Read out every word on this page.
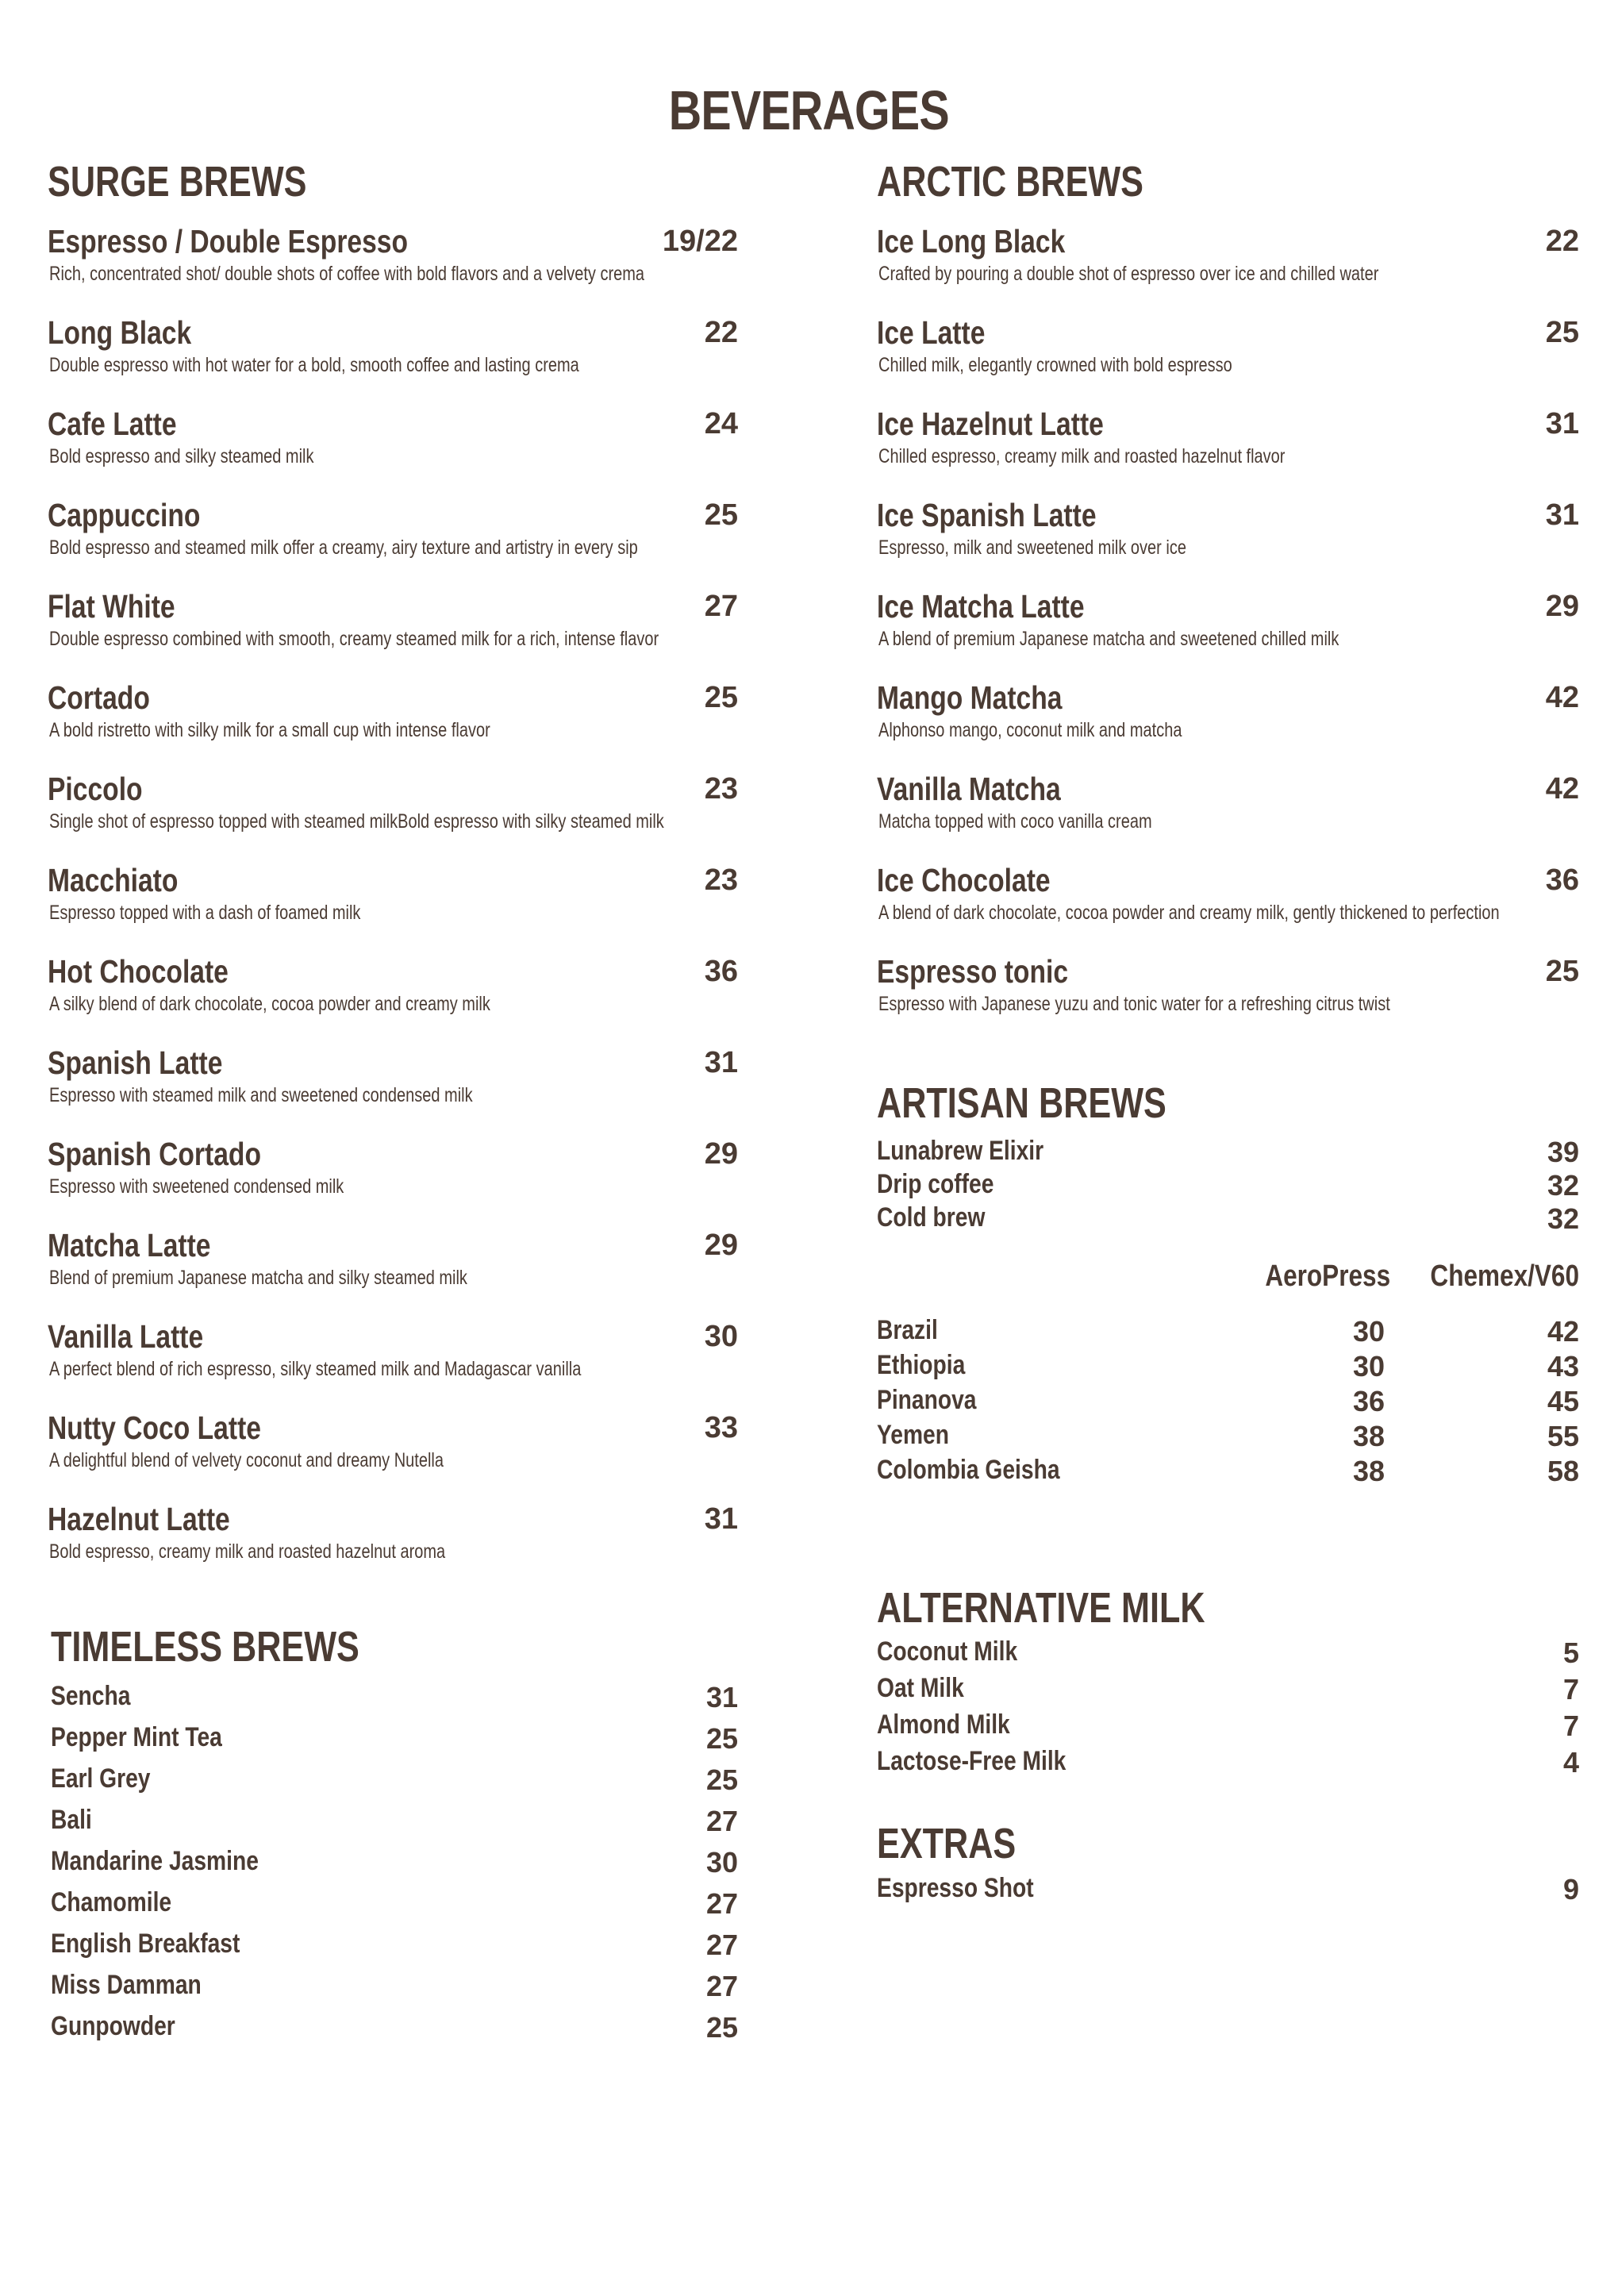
BEVERAGES
SURGE BREWS
Espresso / Double Espresso	19/22
Rich, concentrated shot/ double shots of coffee with bold flavors and a velvety crema
Long Black	22
Double espresso with hot water for a bold, smooth coffee and lasting crema
Cafe Latte	24
Bold espresso and silky steamed milk
Cappuccino	25
Bold espresso and steamed milk offer a creamy, airy texture and artistry in every sip
Flat White	27
Double espresso combined with smooth, creamy steamed milk for a rich, intense flavor
Cortado	25
A bold ristretto with silky milk for a small cup with intense flavor
Piccolo	23
Single shot of espresso topped with steamed milkBold espresso with silky steamed milk
Macchiato	23
Espresso topped with a dash of foamed milk
Hot Chocolate	36
A silky blend of dark chocolate, cocoa powder and creamy milk
Spanish Latte	31
Espresso with steamed milk and sweetened condensed milk
Spanish Cortado	29
Espresso with sweetened condensed milk
Matcha Latte	29
Blend of premium Japanese matcha and silky steamed milk
Vanilla Latte	30
A perfect blend of rich espresso, silky steamed milk and Madagascar vanilla
Nutty Coco Latte	33
A delightful blend of velvety coconut and dreamy Nutella
Hazelnut Latte	31
Bold espresso, creamy milk and roasted hazelnut aroma
TIMELESS BREWS
Sencha	31
Pepper Mint Tea	25
Earl Grey	25
Bali	27
Mandarine Jasmine	30
Chamomile	27
English Breakfast	27
Miss Damman	27
Gunpowder	25
ARCTIC BREWS
Ice Long Black	22
Crafted by pouring a double shot of espresso over ice and chilled water
Ice Latte	25
Chilled milk, elegantly crowned with bold espresso
Ice Hazelnut Latte	31
Chilled espresso, creamy milk and roasted hazelnut flavor
Ice Spanish Latte	31
Espresso, milk and sweetened milk over ice
Ice Matcha Latte	29
A blend of premium Japanese matcha and sweetened chilled milk
Mango Matcha	42
Alphonso mango, coconut milk and matcha
Vanilla Matcha	42
Matcha topped with coco vanilla cream
Ice Chocolate	36
A blend of dark chocolate, cocoa powder and creamy milk, gently thickened to perfection
Espresso tonic	25
Espresso with Japanese yuzu and tonic water for a refreshing citrus twist
ARTISAN BREWS
Lunabrew Elixir	39
Drip coffee	32
Cold brew	32
AeroPress	Chemex/V60
Brazil	30	42
Ethiopia	30	43
Pinanova	36	45
Yemen	38	55
Colombia Geisha	38	58
ALTERNATIVE MILK
Coconut Milk	5
Oat Milk	7
Almond Milk	7
Lactose-Free Milk	4
EXTRAS
Espresso Shot	9
